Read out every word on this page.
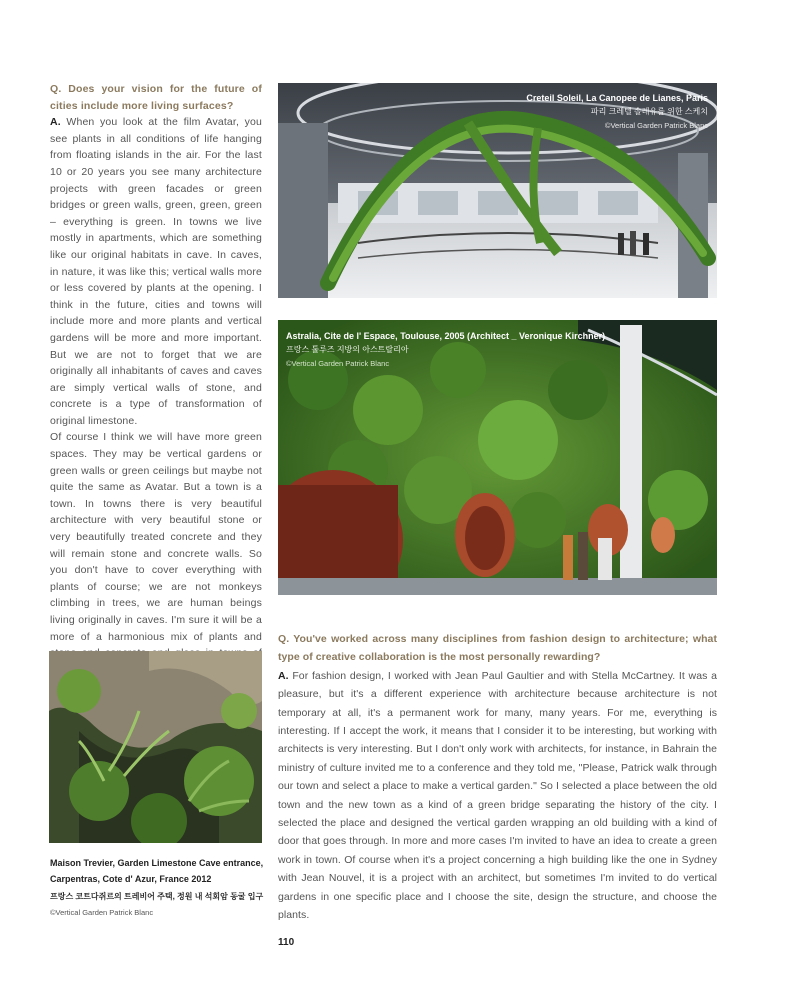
Q. Does your vision for the future of cities include more living surfaces?

A. When you look at the film Avatar, you see plants in all conditions of life hanging from floating islands in the air. For the last 10 or 20 years you see many architecture projects with green facades or green bridges or green walls, green, green, green – everything is green. In towns we live mostly in apartments, which are something like our original habitats in cave. In caves, in nature, it was like this; vertical walls more or less covered by plants at the opening. I think in the future, cities and towns will include more and more plants and vertical gardens will be more and more important. But we are not to forget that we are originally all inhabitants of caves and caves are simply vertical walls of stone, and concrete is a type of transformation of original limestone.

Of course I think we will have more green spaces. They may be vertical gardens or green walls or green ceilings but maybe not quite the same as Avatar. But a town is a town. In towns there is very beautiful architecture with very beautiful stone or very beautifully treated concrete and they will remain stone and concrete walls. So you don't have to cover everything with plants of course; we are not monkeys climbing in trees, we are human beings living originally in caves. I'm sure it will be a more of a harmonious mix of plants and

Creteil Soleil, La Canopee de Lianes, Paris
파리 크레텔 솔레유를 위한 스케치
©Vertical Garden Patrick Blanc
Astralia, Cite de l' Espace, Toulouse, 2005 (Architect _ Veronique Kirchner)
프랑스 툴루즈 지방의 아스트랄리아
©Vertical Garden Patrick Blanc
Maison Trevier, Garden Limestone Cave entrance,
Carpentras, Cote d' Azur, France 2012
프랑스 코트다쥐르의 트레비어 주택, 정원 내 석회암 동굴 입구
©Vertical Garden Patrick Blanc

Q. You've worked across many disciplines from fashion design to architecture; what type of creative collaboration is the most personally rewarding?

A. For fashion design, I worked with Jean Paul Gaultier and with Stella McCartney. It was a pleasure, but it's a different experience with architecture because architecture is not temporary at all, it's a permanent work for many, many years. For me, everything is interesting. If I accept the work, it means that I consider it to be interesting, but working with architects is very interesting. But I don't only work with architects, for instance, in Bahrain the ministry of culture invited me to a conference and they told me, "Please, Patrick walk through our town and select a place to make a vertical garden." So I selected a place between the old town and the new town as a kind of a green bridge separating the history of the city. I selected the place and designed the vertical garden wrapping an old building with a kind of door that goes through. In more and more cases I'm invited to have an idea to create a green work in town. Of course when it's a project concerning a high building like the one in Sydney with Jean Nouvel, it is a project with an architect, but sometimes I'm invited to do vertical gardens in one specific place and I choose the site, design the structure, and choose the plants.

110
